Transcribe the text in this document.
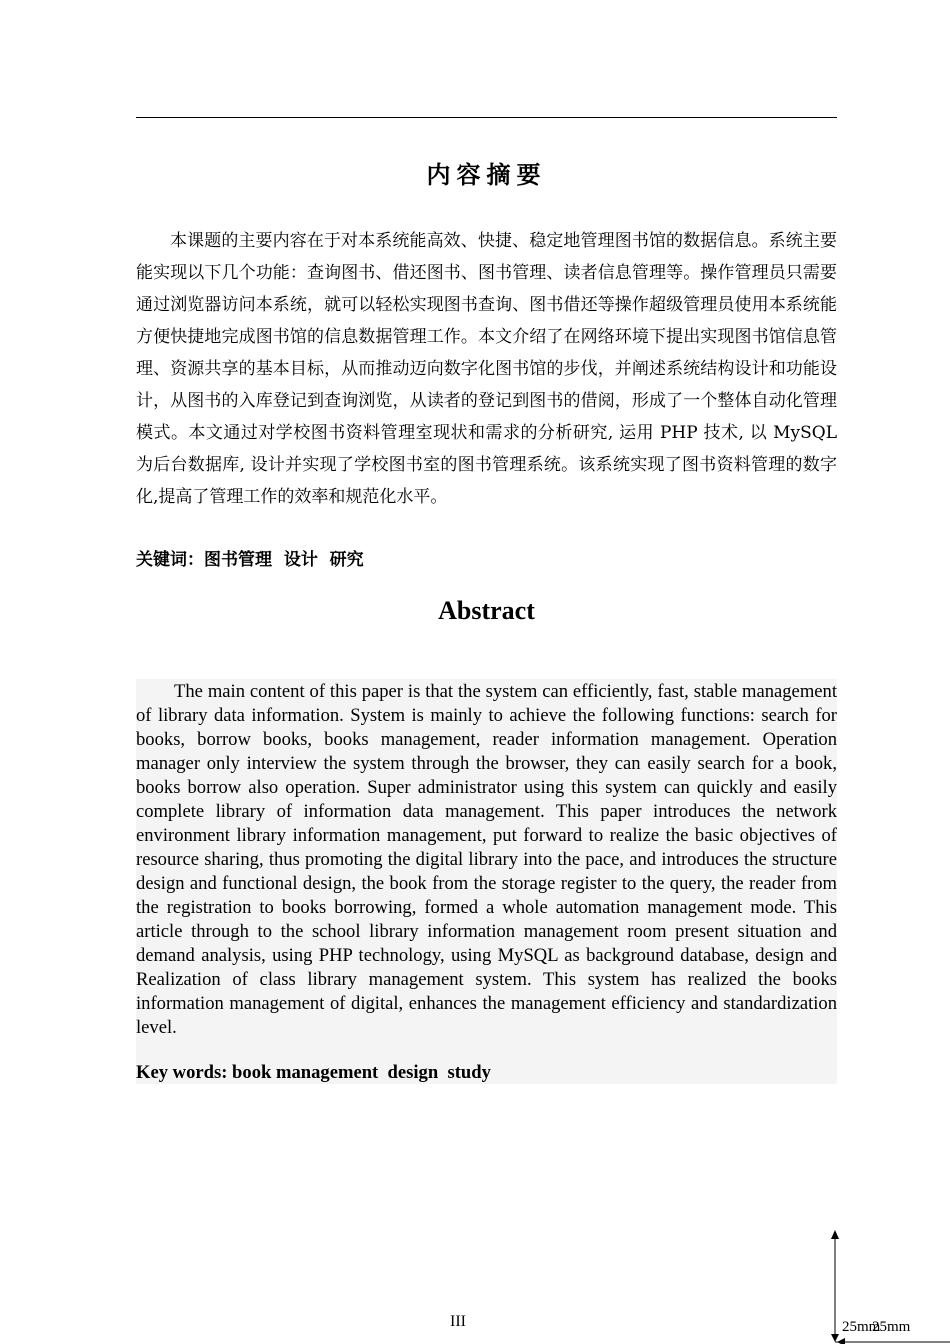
内容摘要

本课题的主要内容在于对本系统能高效、快捷、稳定地管理图书馆的数据信息。系统主要能实现以下几个功能：查询图书、借还图书、图书管理、读者信息管理等。操作管理员只需要通过浏览器访问本系统，就可以轻松实现图书查询、图书借还等操作超级管理员使用本系统能方便快捷地完成图书馆的信息数据管理工作。本文介绍了在网络环境下提出实现图书馆信息管理、资源共享的基本目标，从而推动迈向数字化图书馆的步伐，并阐述系统结构设计和功能设计，从图书的入库登记到查询浏览，从读者的登记到图书的借阅，形成了一个整体自动化管理模式。本文通过对学校图书资料管理室现状和需求的分析研究, 运用 PHP 技术, 以 MySQL 为后台数据库, 设计并实现了学校图书室的图书管理系统。该系统实现了图书资料管理的数字化,提高了管理工作的效率和规范化水平。

关键词：图书管理  设计  研究
Abstract

The main content of this paper is that the system can efficiently, fast, stable management of library data information. System is mainly to achieve the following functions: search for books, borrow books, books management, reader information management. Operation manager only interview the system through the browser, they can easily search for a book, books borrow also operation. Super administrator using this system can quickly and easily complete library of information data management. This paper introduces the network environment library information management, put forward to realize the basic objectives of resource sharing, thus promoting the digital library into the pace, and introduces the structure design and functional design, the book from the storage register to the query, the reader from the registration to books borrowing, formed a whole automation management mode. This article through to the school library information management room present situation and demand analysis, using PHP technology, using MySQL as background database, design and Realization of class library management system. This system has realized the books information management of digital, enhances the management efficiency and standardization level.

Key words: book management  design  study
III	25mm
25mm
